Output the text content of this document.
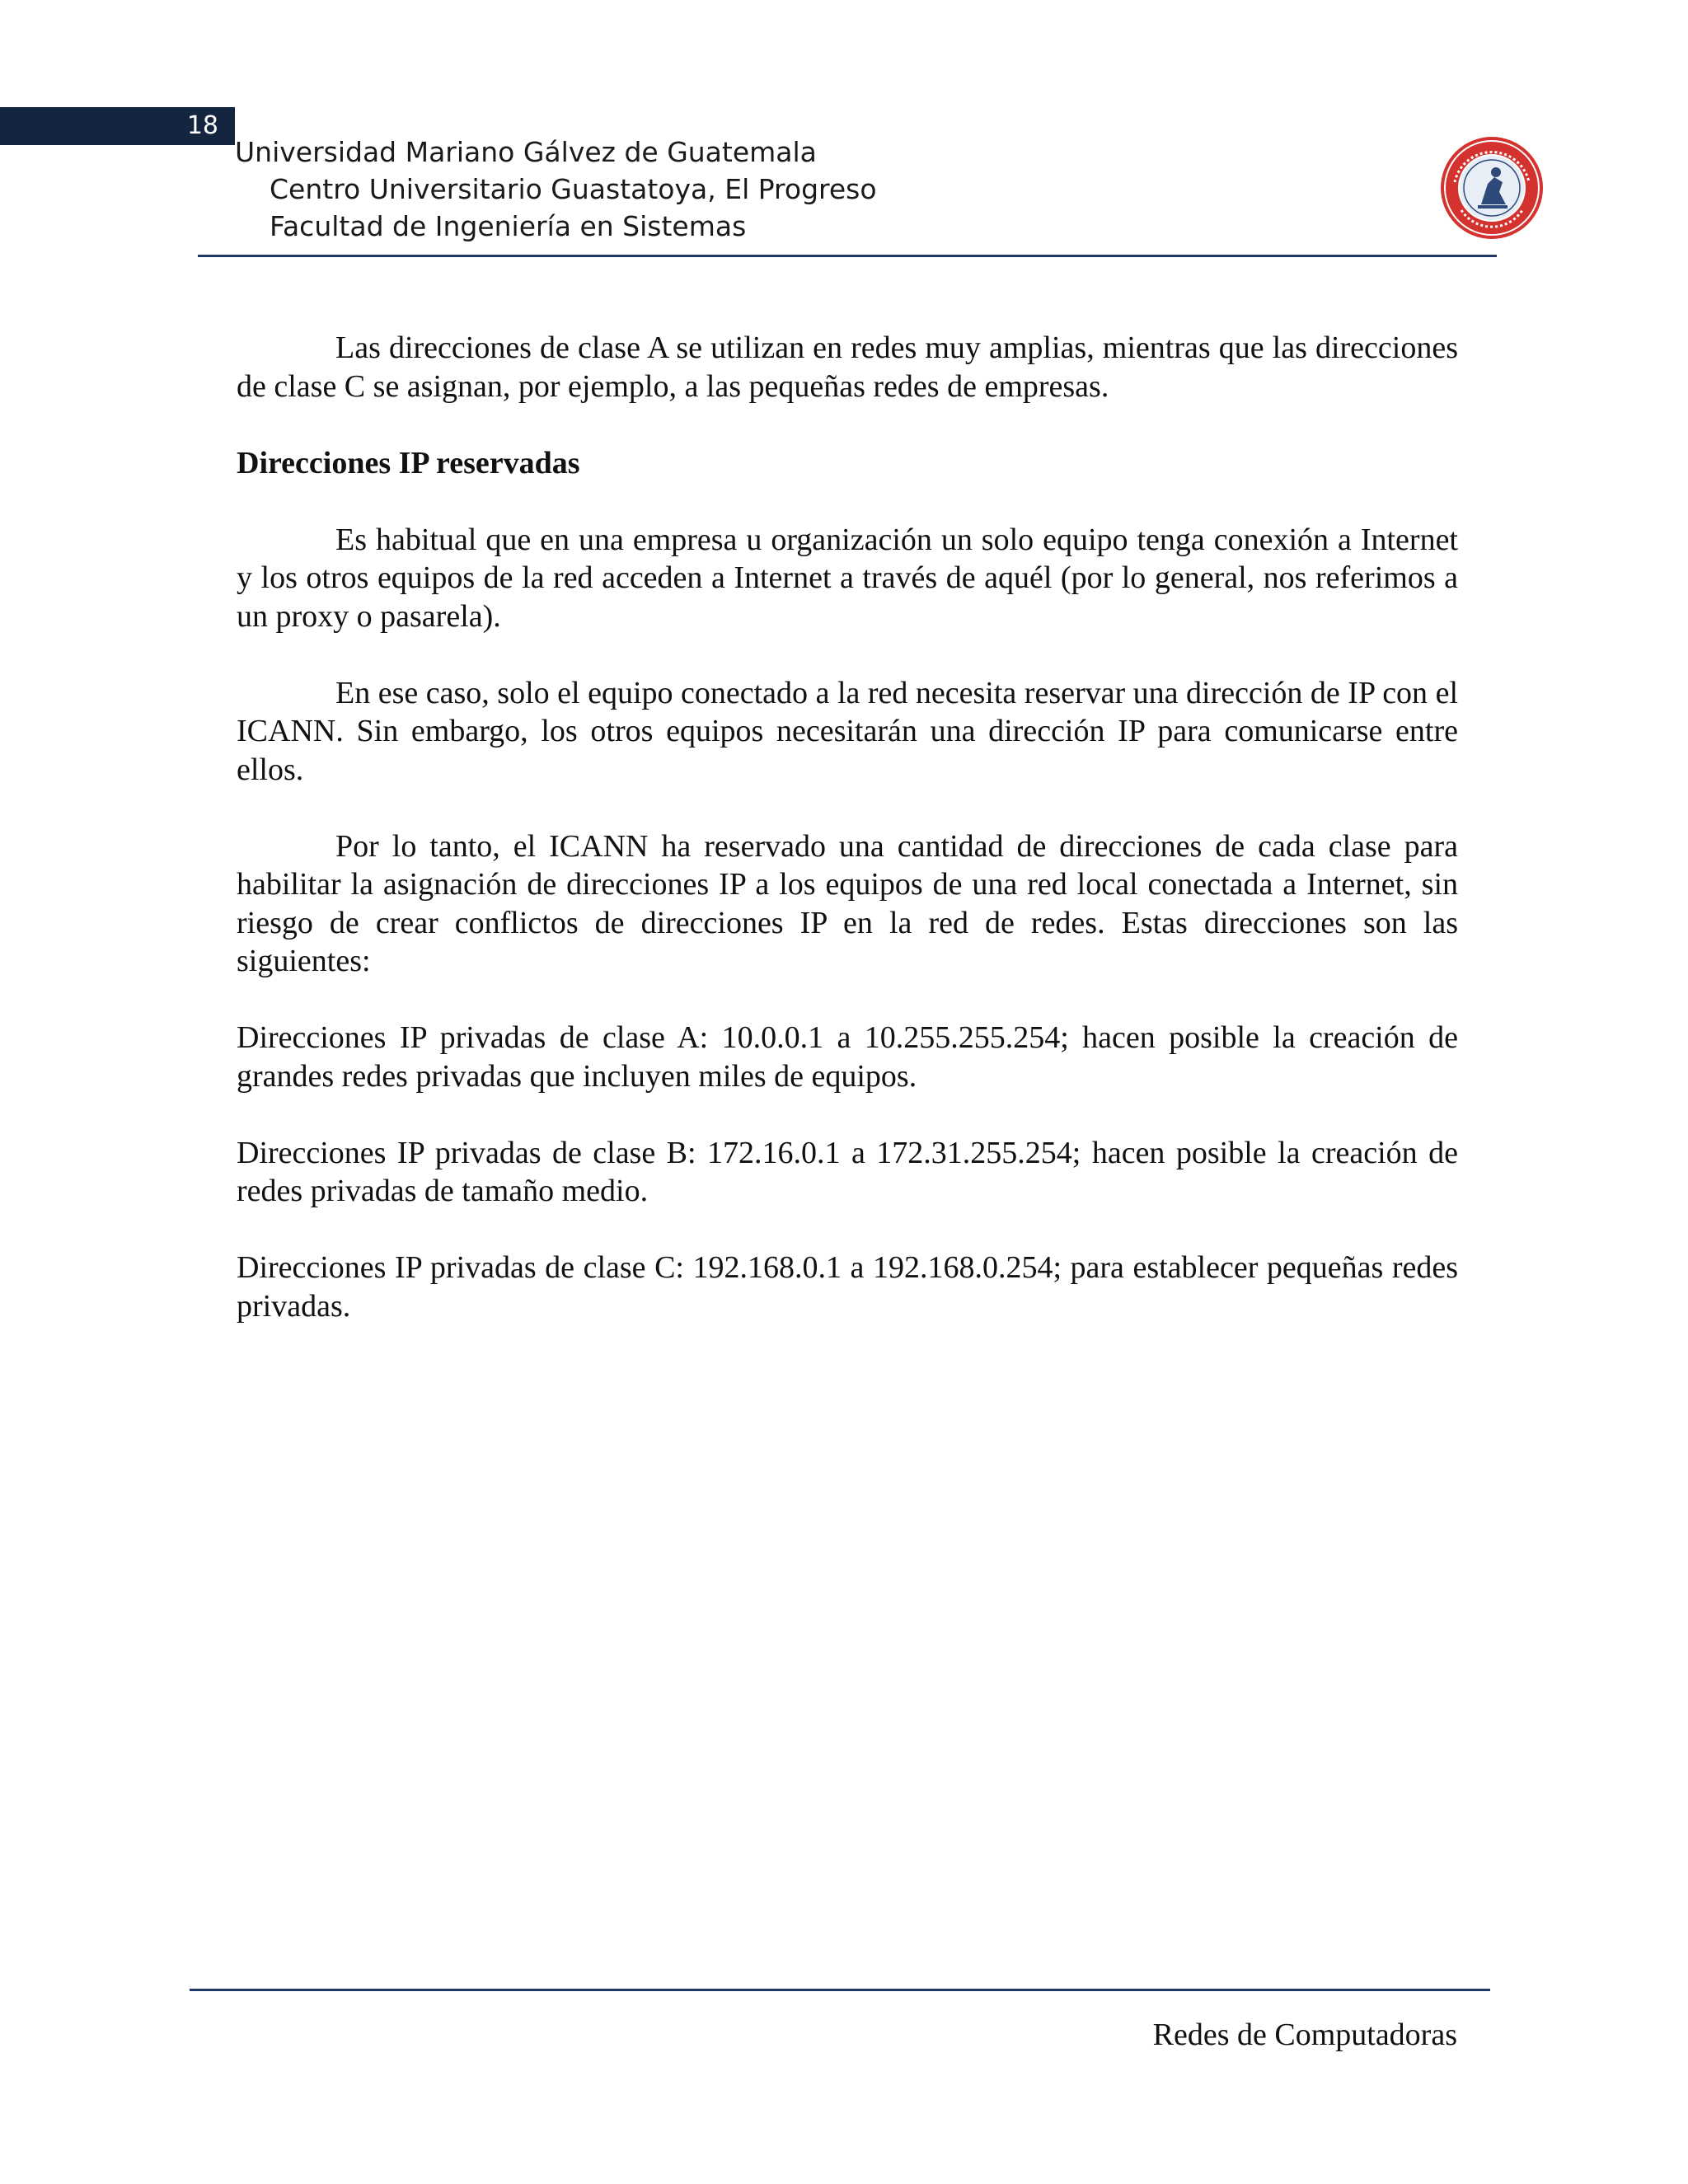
18
Universidad Mariano Gálvez de Guatemala
Centro Universitario Guastatoya, El Progreso
Facultad de Ingeniería en Sistemas

Las direcciones de clase A se utilizan en redes muy amplias, mientras que las direcciones de clase C se asignan, por ejemplo, a las pequeñas redes de empresas.

Direcciones IP reservadas

Es habitual que en una empresa u organización un solo equipo tenga conexión a Internet y los otros equipos de la red acceden a Internet a través de aquél (por lo general, nos referimos a un proxy o pasarela).

En ese caso, solo el equipo conectado a la red necesita reservar una dirección de IP con el ICANN. Sin embargo, los otros equipos necesitarán una dirección IP para comunicarse entre ellos.

Por lo tanto, el ICANN ha reservado una cantidad de direcciones de cada clase para habilitar la asignación de direcciones IP a los equipos de una red local conectada a Internet, sin riesgo de crear conflictos de direcciones IP en la red de redes. Estas direcciones son las siguientes:

Direcciones IP privadas de clase A: 10.0.0.1 a 10.255.255.254; hacen posible la creación de grandes redes privadas que incluyen miles de equipos.

Direcciones IP privadas de clase B: 172.16.0.1 a 172.31.255.254; hacen posible la creación de redes privadas de tamaño medio.

Direcciones IP privadas de clase C: 192.168.0.1 a 192.168.0.254; para establecer pequeñas redes privadas.

Redes de Computadoras
